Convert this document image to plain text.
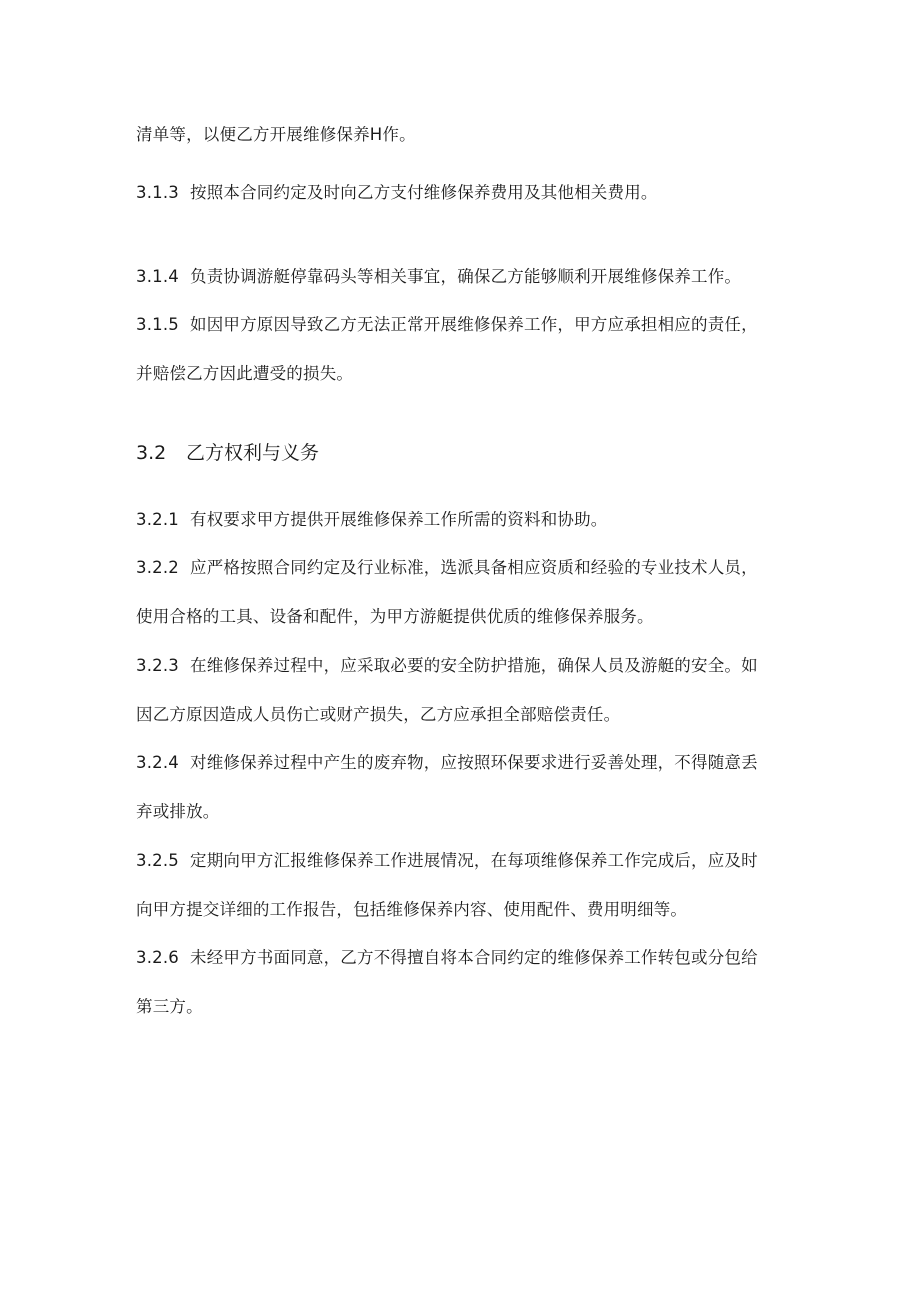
清单等，以便乙方开展维修保养H作。
3.1.3 按照本合同约定及时向乙方支付维修保养费用及其他相关费用。
3.1.4 负责协调游艇停靠码头等相关事宜，确保乙方能够顺利开展维修保养工作。
3.1.5 如因甲方原因导致乙方无法正常开展维修保养工作，甲方应承担相应的责任，
并赔偿乙方因此遭受的损失。
3.2 乙方权利与义务
3.2.1 有权要求甲方提供开展维修保养工作所需的资料和协助。
3.2.2 应严格按照合同约定及行业标准，选派具备相应资质和经验的专业技术人员，
使用合格的工具、设备和配件，为甲方游艇提供优质的维修保养服务。
3.2.3 在维修保养过程中，应采取必要的安全防护措施，确保人员及游艇的安全。如
因乙方原因造成人员伤亡或财产损失，乙方应承担全部赔偿责任。
3.2.4 对维修保养过程中产生的废弃物，应按照环保要求进行妥善处理，不得随意丢
弃或排放。
3.2.5 定期向甲方汇报维修保养工作进展情况，在每项维修保养工作完成后，应及时
向甲方提交详细的工作报告，包括维修保养内容、使用配件、费用明细等。
3.2.6 未经甲方书面同意，乙方不得擅自将本合同约定的维修保养工作转包或分包给
第三方。
